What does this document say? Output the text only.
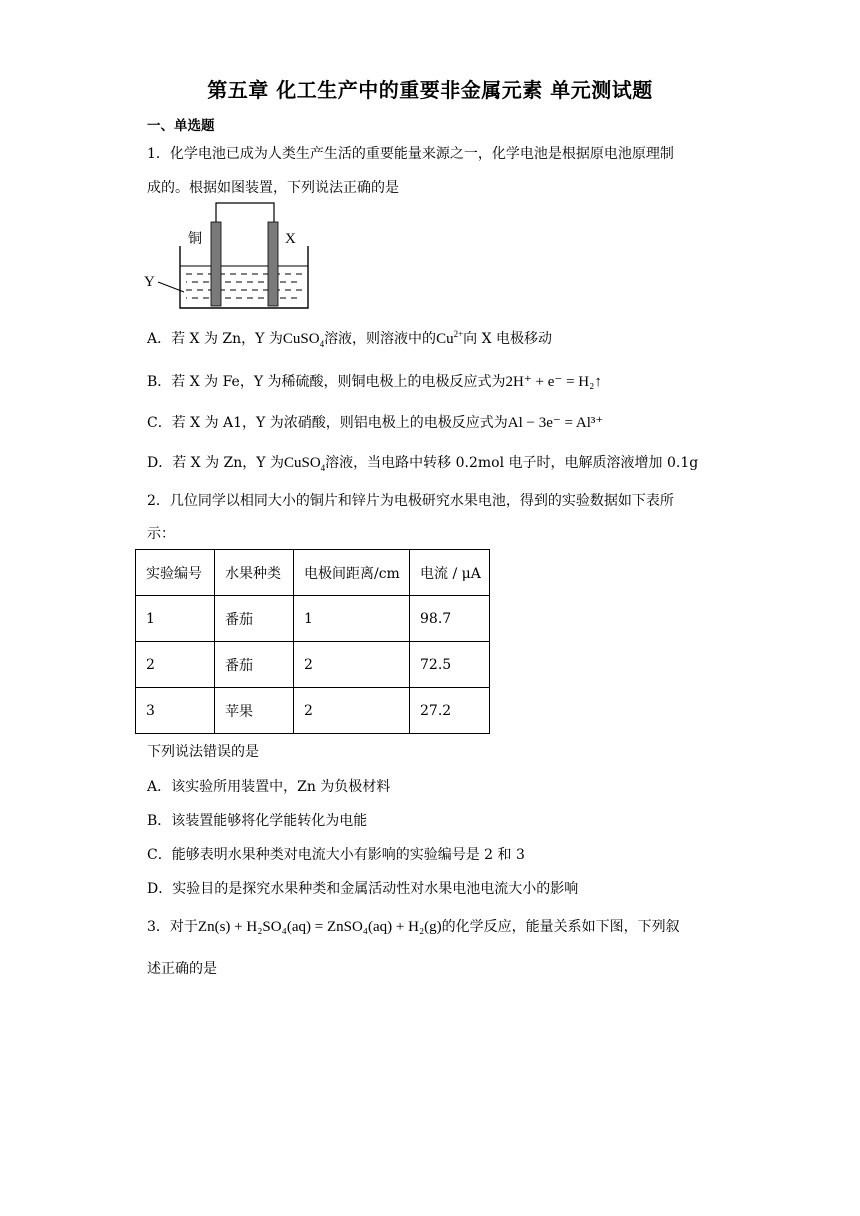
第五章 化工生产中的重要非金属元素 单元测试题
一、单选题
1．化学电池已成为人类生产生活的重要能量来源之一，化学电池是根据原电池原理制
成的。根据如图装置，下列说法正确的是
铜	X
Y
A．若 X 为 Zn，Y 为CuSO$_4$溶液，则溶液中的$Cu^{2+}$向 X 电极移动
B．若 X 为 Fe，Y 为稀硫酸，则铜电极上的电极反应式为2H⁺ + e⁻ = H₂↑
C．若 X 为 A1，Y 为浓硝酸，则铝电极上的电极反应式为Al − 3e⁻ = Al³⁺
D．若 X 为 Zn，Y 为CuSO$_4$溶液，当电路中转移 0.2mol 电子时，电解质溶液增加 0.1g
2．几位同学以相同大小的铜片和锌片为电极研究水果电池，得到的实验数据如下表所
示：
实验编号	水果种类	电极间距离/cm	电流 / μA
1	番茄	1	98.7
2	番茄	2	72.5
3	苹果	2	27.2
下列说法错误的是
A．该实验所用装置中，Zn 为负极材料
B．该装置能够将化学能转化为电能
C．能够表明水果种类对电流大小有影响的实验编号是 2 和 3
D．实验目的是探究水果种类和金属活动性对水果电池电流大小的影响
3．对于Zn(s) + H₂SO₄(aq) = ZnSO₄(aq) + H₂(g)的化学反应，能量关系如下图，下列叙
述正确的是
